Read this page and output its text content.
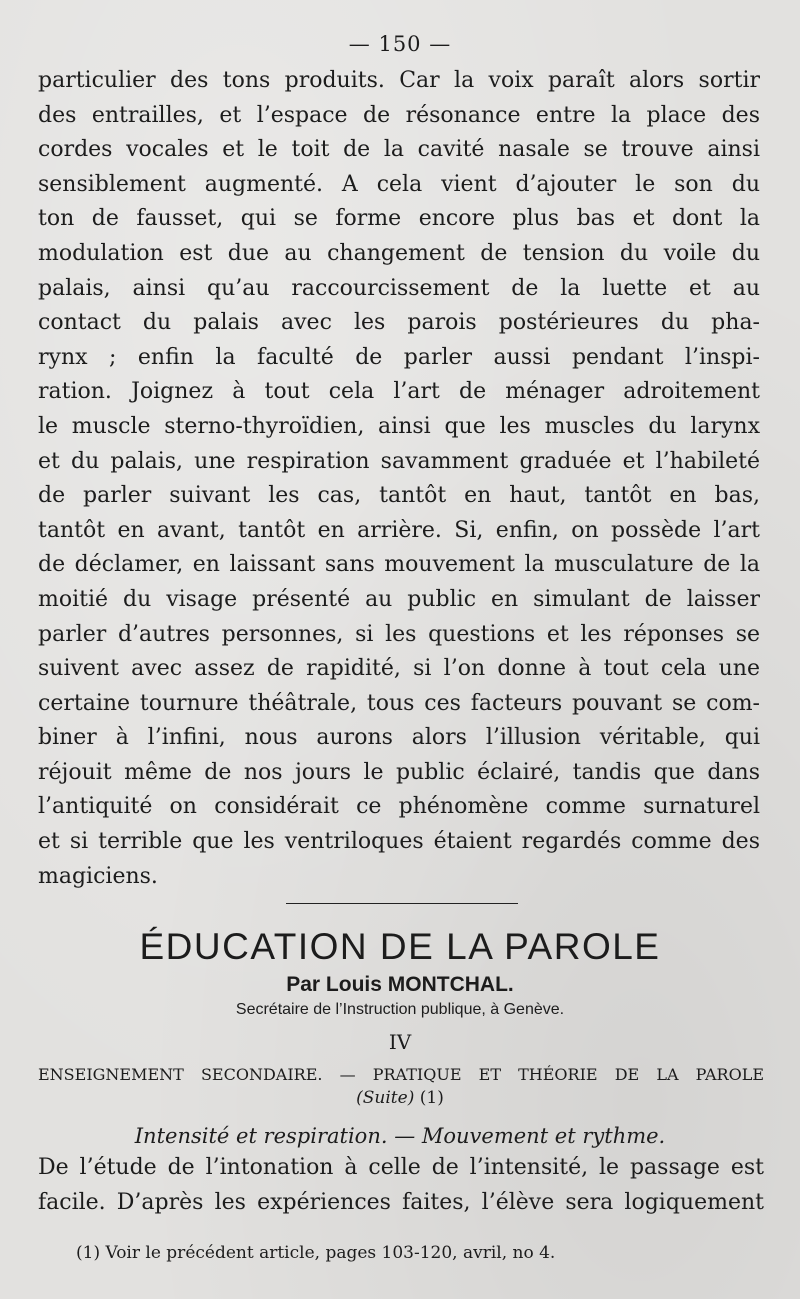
— 150 —
particulier des tons produits. Car la voix paraît alors sortir
des entrailles, et l’espace de résonance entre la place des
cordes vocales et le toit de la cavité nasale se trouve ainsi
sensiblement augmenté. A cela vient d’ajouter le son du
ton de fausset, qui se forme encore plus bas et dont la
modulation est due au changement de tension du voile du
palais, ainsi qu’au raccourcissement de la luette et au
contact du palais avec les parois postérieures du pha-
rynx ; enfin la faculté de parler aussi pendant l’inspi-
ration. Joignez à tout cela l’art de ménager adroitement
le muscle sterno-thyroïdien, ainsi que les muscles du larynx
et du palais, une respiration savamment graduée et l’habileté
de parler suivant les cas, tantôt en haut, tantôt en bas,
tantôt en avant, tantôt en arrière. Si, enfin, on possède l’art
de déclamer, en laissant sans mouvement la musculature de la
moitié du visage présenté au public en simulant de laisser
parler d’autres personnes, si les questions et les réponses se
suivent avec assez de rapidité, si l’on donne à tout cela une
certaine tournure théâtrale, tous ces facteurs pouvant se com-
biner à l’infini, nous aurons alors l’illusion véritable, qui
réjouit même de nos jours le public éclairé, tandis que dans
l’antiquité on considérait ce phénomène comme surnaturel
et si terrible que les ventriloques étaient regardés comme des
magiciens.
ÉDUCATION DE LA PAROLE
Par Louis MONTCHAL.
Secrétaire de l’Instruction publique, à Genève.
IV
ENSEIGNEMENT SECONDAIRE. — PRATIQUE ET THÉORIE DE LA PAROLE
(Suite) (1)
Intensité et respiration. — Mouvement et rythme.
De l’étude de l’intonation à celle de l’intensité, le passage est
facile. D’après les expériences faites, l’élève sera logiquement
(1) Voir le précédent article, pages 103-120, avril, no 4.
